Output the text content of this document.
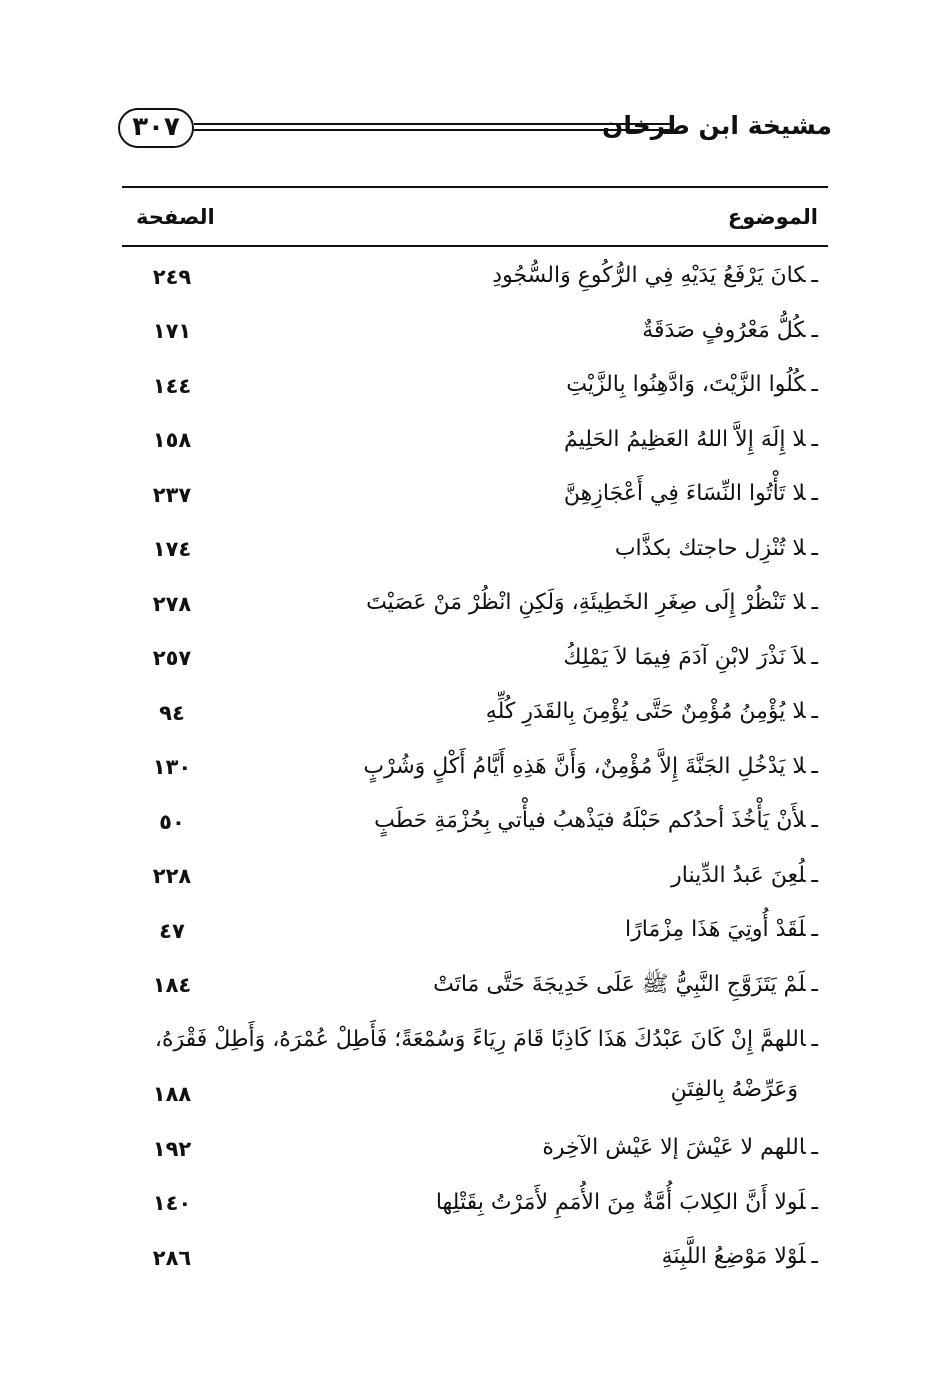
٣٠٧	مشيخة ابن طرخان
الصفحة	الموضوع
ـكانَ يَرْفَعُ يَدَيْهِ فِي الرُّكُوعِ وَالسُّجُودِ
٢٤٩
ـكُلُّ مَعْرُوفٍ صَدَقَةٌ
١٧١
ـكُلُوا الزَّيْتَ، وَادَّهِنُوا بِالزَّيْتِ
١٤٤
ـلا إِلَهَ إِلاَّ اللهُ العَظِيمُ الحَلِيمُ
١٥٨
ـلا تَأْتُوا النِّسَاءَ فِي أَعْجَازِهِنَّ
٢٣٧
ـلا تُنْزِل حاجتك بكذَّاب
١٧٤
ـلا تَنْظُرْ إِلَى صِغَرِ الخَطِيئَةِ، وَلَكِنِ انْظُرْ مَنْ عَصَيْتَ
٢٧٨
ـلاَ نَذْرَ لابْنِ آدَمَ فِيمَا لاَ يَمْلِكُ
٢٥٧
ـلا يُؤْمِنُ مُؤْمِنٌ حَتَّى يُؤْمِنَ بِالقَدَرِ كُلِّهِ
٩٤
ـلا يَدْخُلِ الجَنَّةَ إِلاَّ مُؤْمِنٌ، وَأَنَّ هَذِهِ أَيَّامُ أَكْلٍ وَشُرْبٍ
١٣٠
ـلأَنْ يَأْخُذَ أحدُكم حَبْلَهُ فيَذْهبُ فيأْتي بِحُزْمَةِ حَطَبٍ
٥٠
ـلُعِنَ عَبدُ الدِّينار
٢٢٨
ـلَقَدْ أُوتِيَ هَذَا مِزْمَارًا
٤٧
ـلَمْ يَتَزَوَّجِ النَّبِيُّ ﷺ عَلَى خَدِيجَةَ حَتَّى مَاتَتْ
١٨٤
ـاللهمَّ إِنْ كَانَ عَبْدُكَ هَذَا كَاذِبًا قَامَ رِيَاءً وَسُمْعَةً؛ فَأَطِلْ عُمْرَهُ، وَأَطِلْ فَقْرَهُ،
وَعَرِّضْهُ بِالفِتَنِ
١٨٨
ـاللهم لا عَيْشَ إلا عَيْش الآخِرة
١٩٢
ـلَولا أَنَّ الكِلابَ أُمَّةٌ مِنَ الأُمَمِ لأَمَرْتُ بِقَتْلِها
١٤٠
ـلَوْلا مَوْضِعُ اللَّبِنَةِ
٢٨٦
